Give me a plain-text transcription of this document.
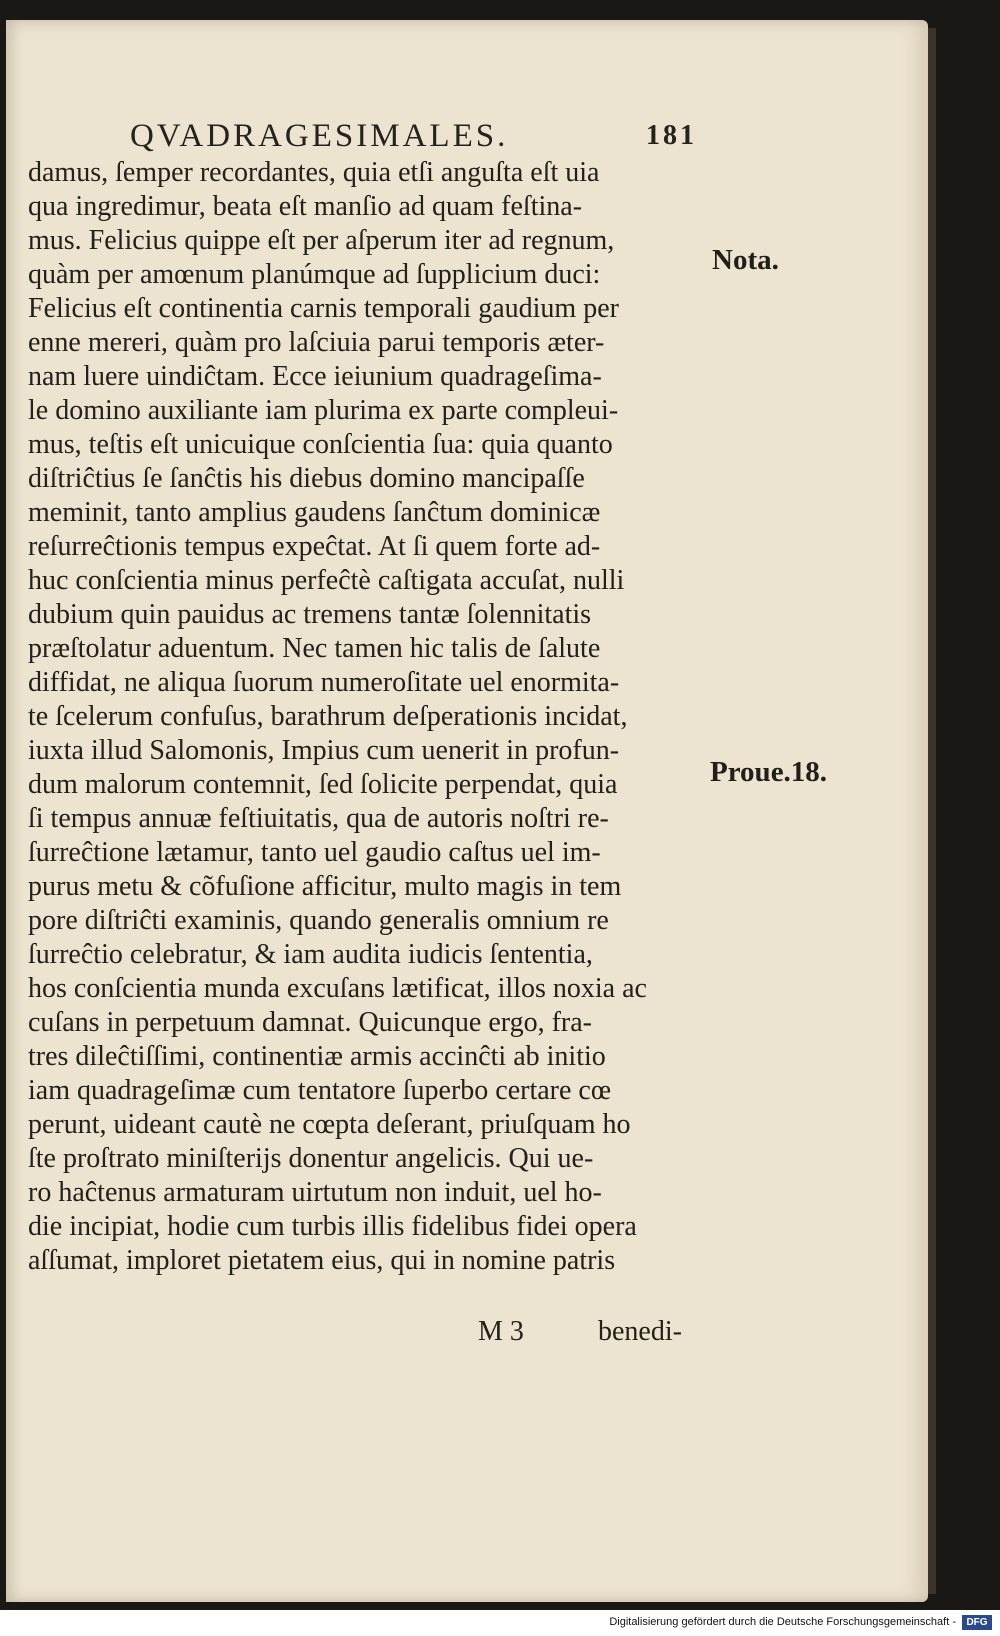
QVADRAGESIMALES.	181
damus, ſemper recordantes, quia etſi anguſta eſt uia
qua ingredimur, beata eſt manſio ad quam feſtina-
mus. Felicius quippe eſt per aſperum iter ad regnum,
quàm per amœnum planúmque ad ſupplicium duci:
Felicius eſt continentia carnis temporali gaudium per
enne mereri, quàm pro laſciuia parui temporis æter-
nam luere uindiĉtam. Ecce ieiunium quadrageſima-
le domino auxiliante iam plurima ex parte compleui-
mus, teſtis eſt unicuique conſcientia ſua: quia quanto
diſtriĉtius ſe ſanĉtis his diebus domino mancipaſſe
meminit, tanto amplius gaudens ſanĉtum dominicæ
reſurreĉtionis tempus expeĉtat. At ſi quem forte ad-
huc conſcientia minus perfeĉtè caſtigata accuſat, nulli
dubium quin pauidus ac tremens tantæ ſolennitatis
præſtolatur aduentum. Nec tamen hic talis de ſalute
diffidat, ne aliqua ſuorum numeroſitate uel enormita-
te ſcelerum confuſus, barathrum deſperationis incidat,
iuxta illud Salomonis, Impius cum uenerit in profun-
dum malorum contemnit, ſed ſolicite perpendat, quia
ſi tempus annuæ feſtiuitatis, qua de autoris noſtri re-
ſurreĉtione lætamur, tanto uel gaudio caſtus uel im-
purus metu & cõfuſione afficitur, multo magis in tem
pore diſtriĉti examinis, quando generalis omnium re
ſurreĉtio celebratur, & iam audita iudicis ſententia,
hos conſcientia munda excuſans lætificat, illos noxia ac
cuſans in perpetuum damnat. Quicunque ergo, fra-
tres dileĉtiſſimi, continentiæ armis accinĉti ab initio
iam quadrageſimæ cum tentatore ſuperbo certare cœ
perunt, uideant cautè ne cœpta deſerant, priuſquam ho
ſte proſtrato miniſterijs donentur angelicis. Qui ue-
ro haĉtenus armaturam uirtutum non induit, uel ho-
die incipiat, hodie cum turbis illis fidelibus fidei opera
aſſumat, imploret pietatem eius, qui in nomine patris
Nota.
Proue.18.
M 3	benedi-
Digitalisierung gefördert durch die Deutsche Forschungsgemeinschaft -	DFG
